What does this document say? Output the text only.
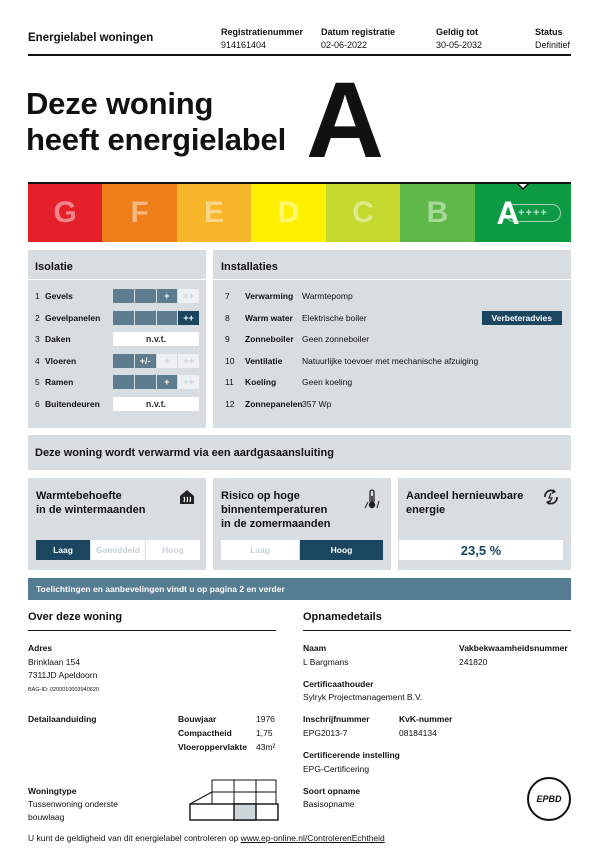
Energielabel woningen	Registratienummer
914161404
Datum registratie
02-06-2022
Geldig tot
30-05-2032
Status
Definitief
Deze woning
heeft energielabel A
G F E D C B A
++++
Isolatie
1 Gevels	+	++
2 Gevelpanelen	++
3 Daken	n.v.t.
4 Vloeren	+/-	+	++
5 Ramen	+	++
6 Buitendeuren	n.v.t.
Installaties
7	Verwarming	Warmtepomp
8	Warm water	Elektrische boiler	Verbeteradvies
9	Zonneboiler Geen zonneboiler
10	Ventilatie	Natuurlijke toevoer met mechanische afzuiging
11	Koeling	Geen koeling
12	Zonnepanelen 357 Wp
Deze woning wordt verwarmd via een aardgasaansluiting
Warmtebehoefte
in de wintermaanden
Laag	Gemiddeld	Hoog
Risico op hoge
binnentemperaturen
in de zomermaanden
Laag	Hoog
Aandeel hernieuwbare
energie
23,5 %
Toelichtingen en aanbevelingen vindt u op pagina 2 en verder
Over deze woning
Adres
Brinklaan 154
7311JD Apeldoorn
BAG-ID: 0200010003940620
Detailaanduiding	Bouwjaar	1976
Compactheid	1,75
Vloeroppervlakte 43m²
Woningtype
Tussenwoning onderste
bouwlaag
Opnamedetails
Naam
L Bargmans
Vakbekwaamheidsnummer
241820
Certificaathouder
Sylryk Projectmanagement B.V.
Inschrijfnummer
EPG2013-7
KvK-nummer
08184134
Certificerende instelling
EPG-Certificering
Soort opname
Basisopname	EPBD
U kunt de geldigheid van dit energielabel controleren op www.ep-online.nl/ControlerenEchtheid
